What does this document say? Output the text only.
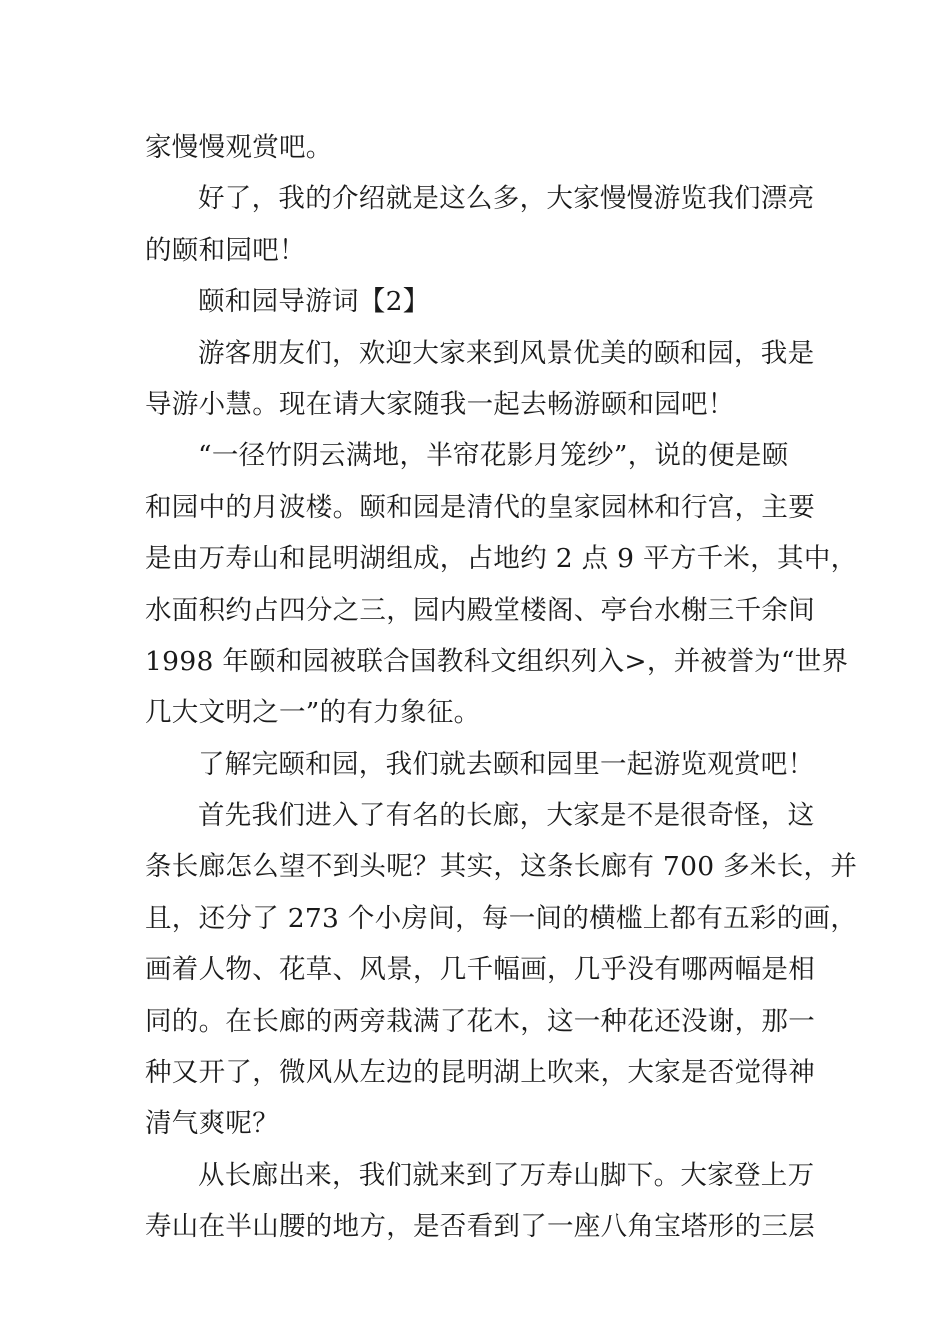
家慢慢观赏吧。
好了，我的介绍就是这么多，大家慢慢游览我们漂亮
的颐和园吧！
颐和园导游词【2】
游客朋友们，欢迎大家来到风景优美的颐和园，我是
导游小慧。现在请大家随我一起去畅游颐和园吧！
“一径竹阴云满地，半帘花影月笼纱”，说的便是颐
和园中的月波楼。颐和园是清代的皇家园林和行宫，主要
是由万寿山和昆明湖组成，占地约 2 点 9 平方千米，其中，
水面积约占四分之三，园内殿堂楼阁、亭台水榭三千余间
1998 年颐和园被联合国教科文组织列入>，并被誉为“世界
几大文明之一”的有力象征。
了解完颐和园，我们就去颐和园里一起游览观赏吧！
首先我们进入了有名的长廊，大家是不是很奇怪，这
条长廊怎么望不到头呢？其实，这条长廊有 700 多米长，并
且，还分了 273 个小房间，每一间的横槛上都有五彩的画，
画着人物、花草、风景，几千幅画，几乎没有哪两幅是相
同的。在长廊的两旁栽满了花木，这一种花还没谢，那一
种又开了，微风从左边的昆明湖上吹来，大家是否觉得神
清气爽呢？
从长廊出来，我们就来到了万寿山脚下。大家登上万
寿山在半山腰的地方，是否看到了一座八角宝塔形的三层
